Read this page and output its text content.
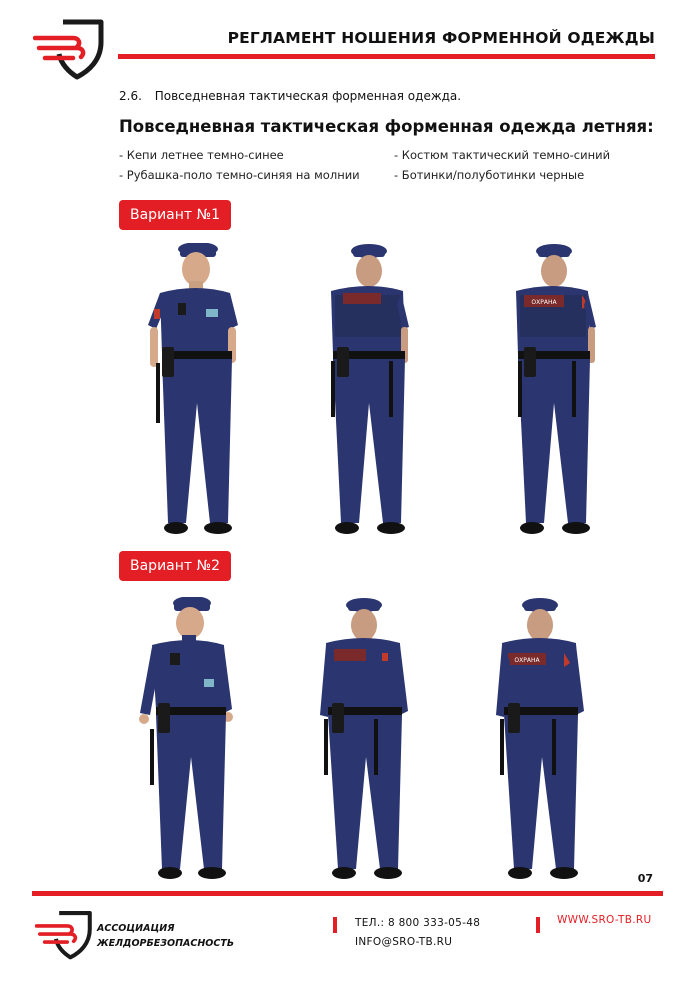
РЕГЛАМЕНТ НОШЕНИЯ ФОРМЕННОЙ ОДЕЖДЫ
2.6. Повседневная тактическая форменная одежда.
Повседневная тактическая форменная одежда летняя:
- Кепи летнее темно-синее
- Рубашка-поло темно-синяя на молнии
- Костюм тактический темно-синий
- Ботинки/полуботинки черные
Вариант №1
ОХРАНА
Вариант №2
ОХРАНА
07
АССОЦИАЦИЯ
ЖЕЛДОРБЕЗОПАСНОСТЬ
ТЕЛ.: 8 800 333-05-48
INFO@SRO-TB.RU
WWW.SRO-TB.RU
